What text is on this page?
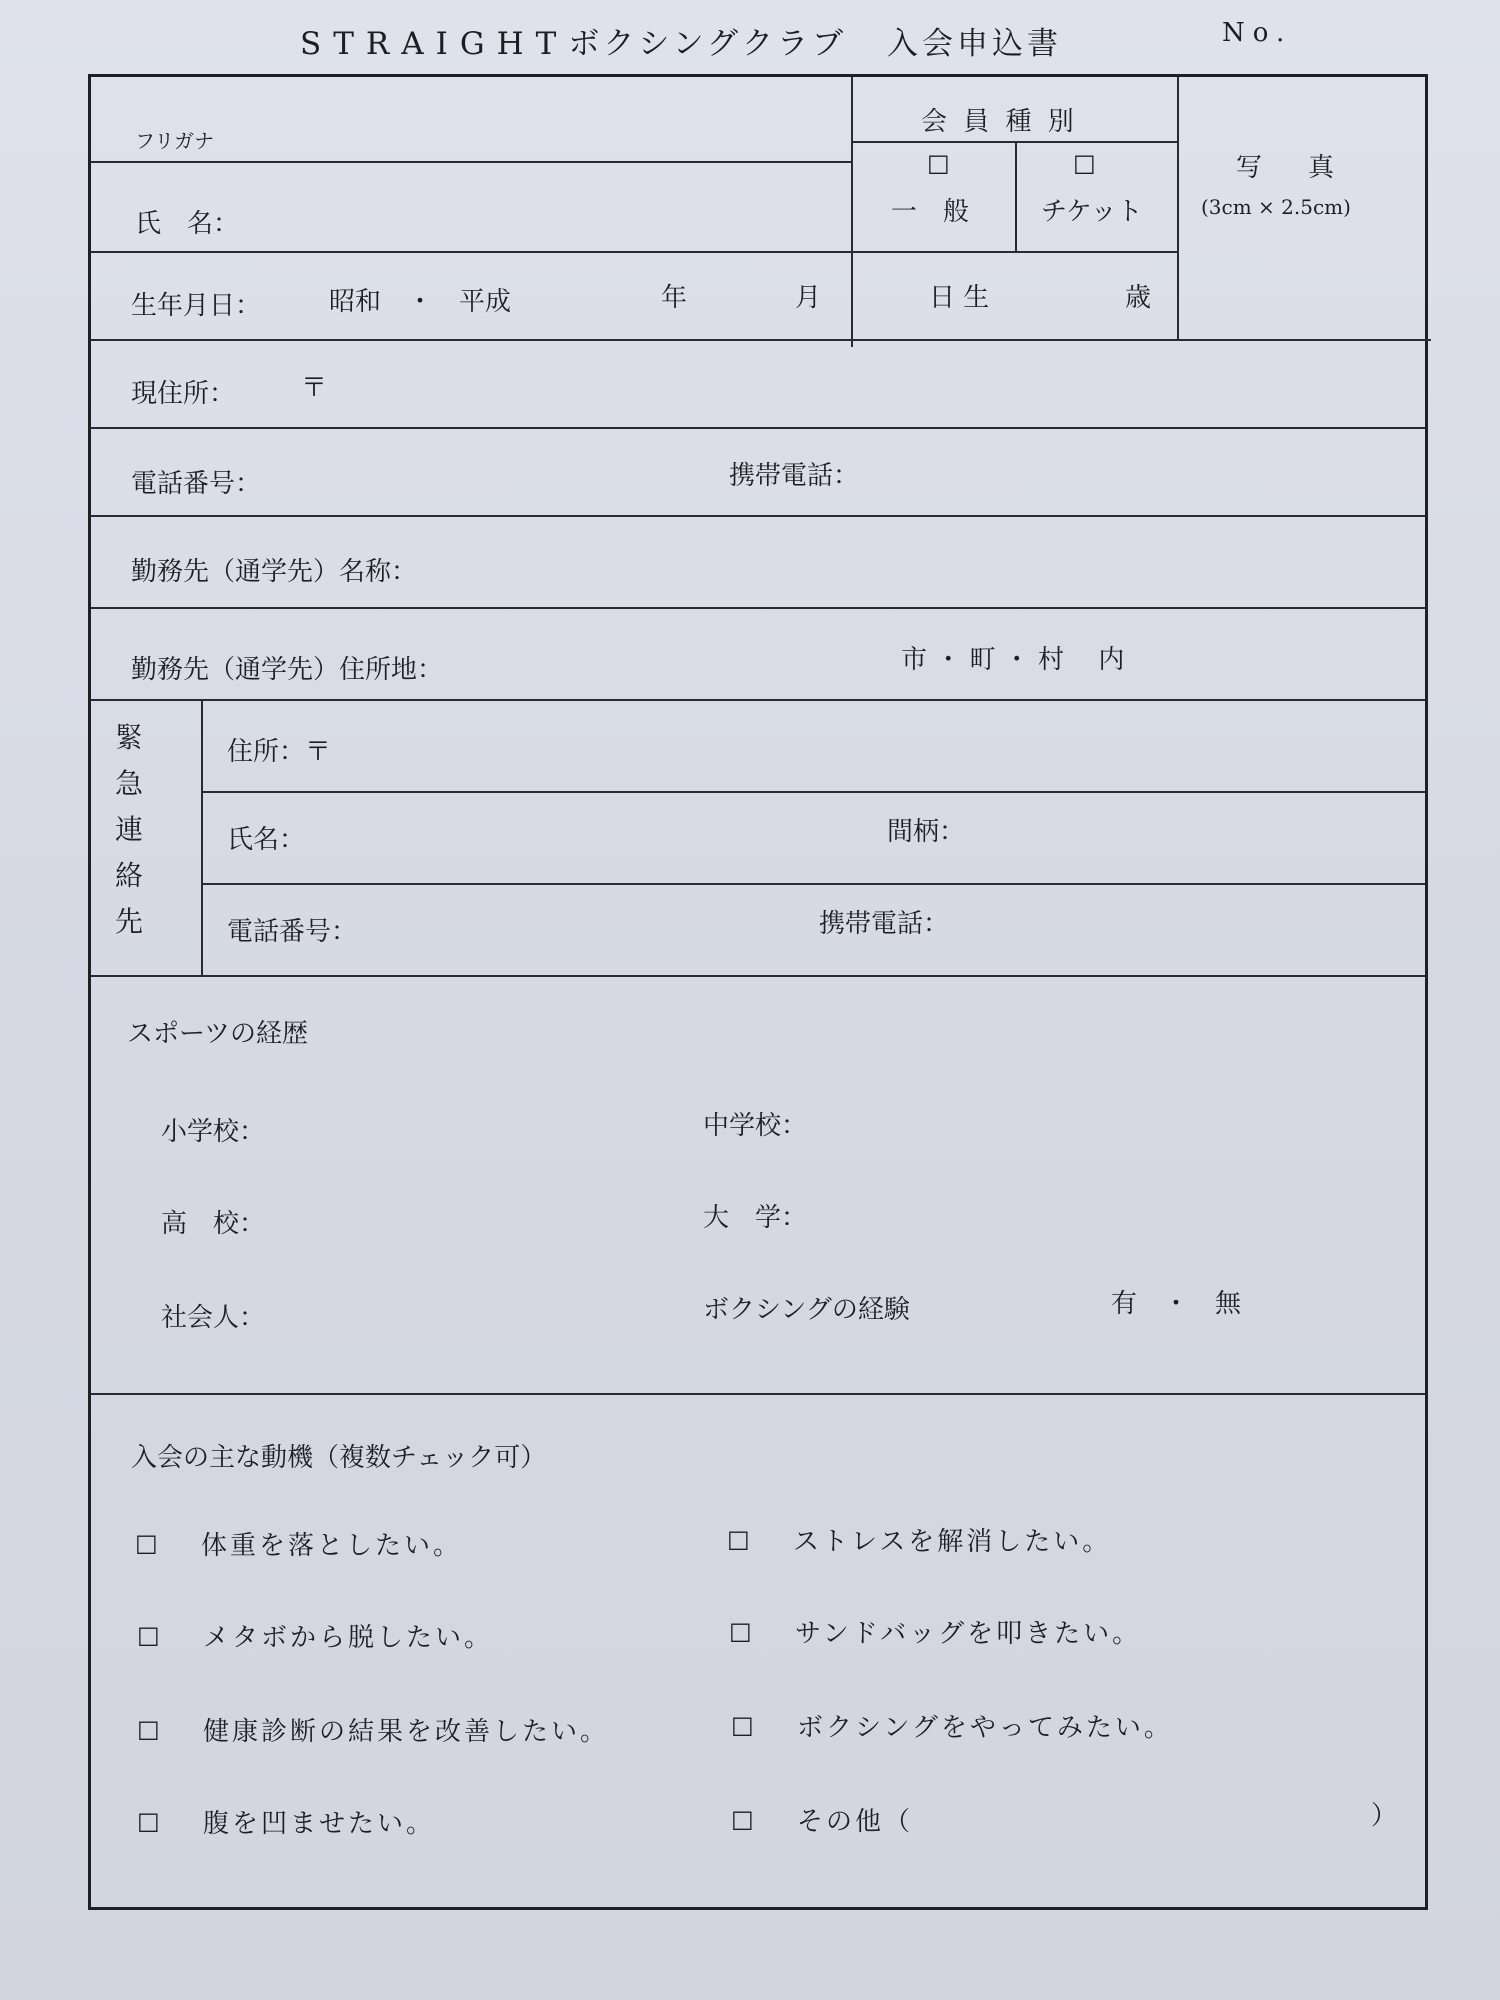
STRAIGHTボクシングクラブ 入会申込書	No.
フリガナ
氏　名：
会 員 種 別
□
一　般
□
チケット
写　真
(3cm × 2.5cm)
生年月日：	昭和　・　平成	年	月	日 生	歳
現住所：	〒
電話番号：	携帯電話：
勤務先（通学先）名称：
勤務先（通学先）住所地：	市 ・ 町 ・ 村　 内
緊
急
連
絡
先
住所：〒
氏名：	間柄：
電話番号：	携帯電話：
スポーツの経歴
小学校：	中学校：
高　校：	大　学：
社会人：	ボクシングの経験	有　・　無
入会の主な動機（複数チェック可）
□ 体重を落としたい。	□ ストレスを解消したい。
□ メタボから脱したい。	□ サンドバッグを叩きたい。
□ 健康診断の結果を改善したい。	□ ボクシングをやってみたい。
□ 腹を凹ませたい。	□ その他（	）
